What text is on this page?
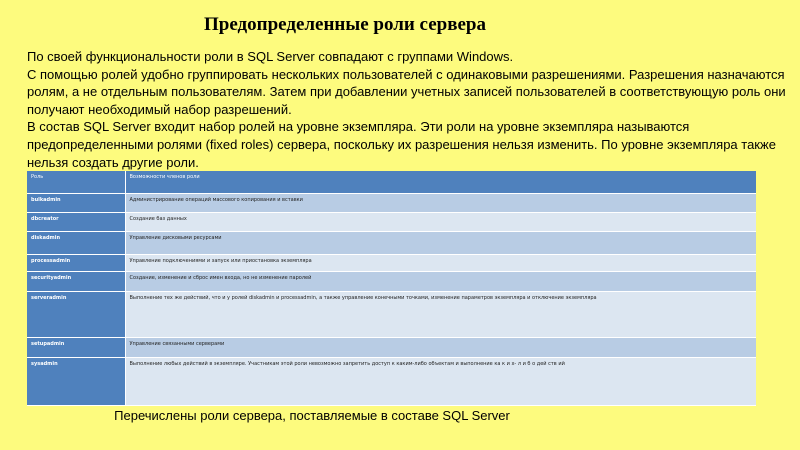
Предопределенные роли сервера

По своей функциональности роли в SQL Server совпадают с группами Windows.

С помощью ролей удобно группировать нескольких пользователей с одинаковыми разрешениями. Разрешения назначаются ролям, а не отдельным пользователям. Затем при добавлении учетных записей пользователей в соответствующую роль они получают необходимый набор разрешений.

В состав SQL Server входит набор ролей на уровне экземпляра. Эти роли на уровне экземпляра называются предопределенными ролями (fixed roles) сервера, поскольку их разрешения нельзя изменить. По уровне экземпляра также нельзя создать другие роли.

Роль	Возможности членов роли
bulkadmin	Администрирование операций массового копирования и вставки
dbcreator	Создание баз данных
diskadmin	Управление дисковыми ресурсами
processadmin	Управление подключениями и запуск или приостановка экземпляра
securityadmin	Создание, изменение и сброс имен входа, но не изменение паролей
serveradmin	Выполнение тех же действий, что и у ролей diskadmin и processadmin, а также управление конечными точками, изменение параметров экземпляра и отключение экземпляра
setupadmin	Управление связанными серверами
sysadmin	Выполнение любых действий в экземпляре. Участникам этой роли невозможно запретить доступ к каким-либо объектам и выполнение ка к и х- л и б о дей ств ий
Перечислены роли сервера, поставляемые в составе SQL Server
